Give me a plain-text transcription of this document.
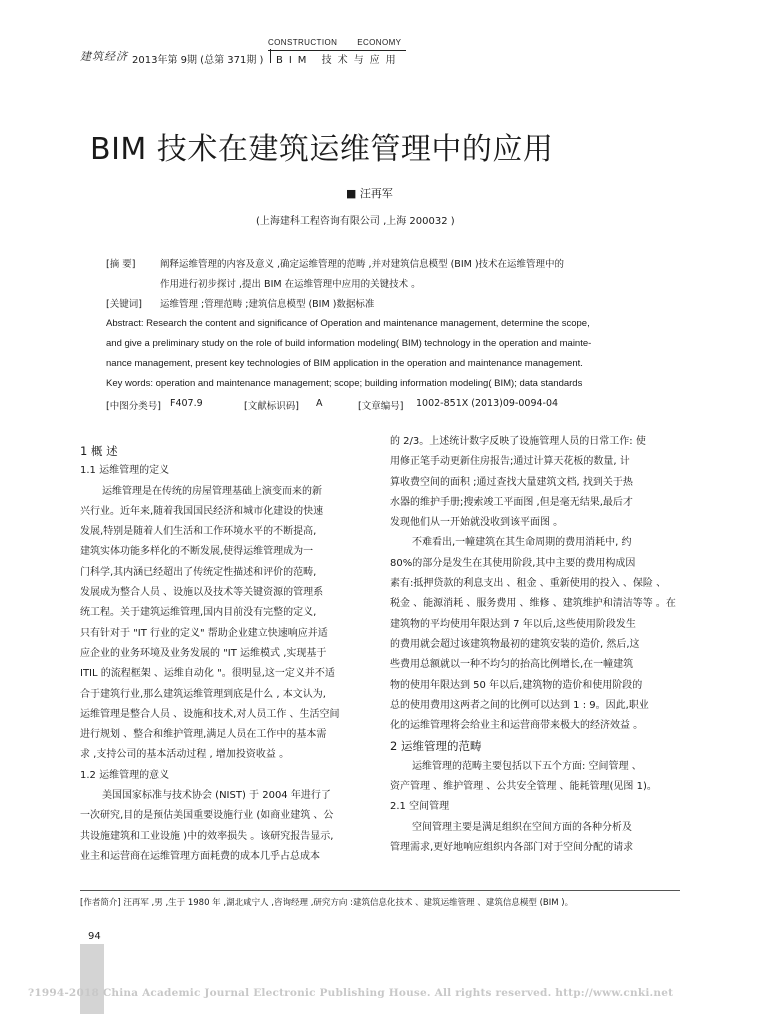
CONSTRUCTION	ECONOMY
建筑经济 2013年第 9期 (总第 371期 ) BIM 技术与应用
BIM 技术在建筑运维管理中的应用
■ 汪再军
(上海建科工程咨询有限公司 ,上海 200032 )
[摘 要]	阐释运维管理的内容及意义 ,确定运维管理的范畴 ,并对建筑信息模型 (BIM )技术在运维管理中的
作用进行初步探讨 ,提出 BIM 在运维管理中应用的关键技术 。
[关键词] 运维管理 ;管理范畴 ;建筑信息模型 (BIM )数据标准
Abstract: Research the content and significance of Operation and maintenance management, determine the scope,
and give a preliminary study on the role of build information modeling( BIM) technology in the operation and mainte-
nance management, present key technologies of BIM application in the operation and maintenance management.
Key words: operation and maintenance management; scope; building information modeling( BIM); data standards
[中图分类号] F407.9	[文献标识码] A	[文章编号] 1002-851X (2013)09-0094-04
1 概 述
1.1 运维管理的定义
运维管理是在传统的房屋管理基础上演变而来的新
兴行业。近年来,随着我国国民经济和城市化建设的快速
发展,特别是随着人们生活和工作环境水平的不断提高,
建筑实体功能多样化的不断发展,使得运维管理成为一
门科学,其内涵已经超出了传统定性描述和评价的范畴,
发展成为整合人员 、设施以及技术等关键资源的管理系
统工程。关于建筑运维管理,国内目前没有完整的定义,
只有针对于 "IT 行业的定义" 帮助企业建立快速响应并适
应企业的业务环境及业务发展的 "IT 运维模式 ,实现基于
ITIL 的流程框架 、运维自动化 "。很明显,这一定义并不适
合于建筑行业,那么建筑运维管理到底是什么 , 本文认为,
运维管理是整合人员 、设施和技术,对人员工作 、生活空间
进行规划 、整合和维护管理,满足人员在工作中的基本需
求 ,支持公司的基本活动过程 , 增加投资收益 。
1.2 运维管理的意义
美国国家标准与技术协会 (NIST) 于 2004 年进行了
一次研究,目的是预估美国重要设施行业 (如商业建筑 、公
共设施建筑和工业设施 )中的效率损失 。该研究报告显示,
业主和运营商在运维管理方面耗费的成本几乎占总成本
的 2/3。上述统计数字反映了设施管理人员的日常工作: 使
用修正笔手动更新住房报告;通过计算天花板的数量, 计
算收费空间的面积 ;通过查找大量建筑文档, 找到关于热
水器的维护手册;搜索竣工平面图 ,但是毫无结果,最后才
发现他们从一开始就没收到该平面图 。
不难看出,一幢建筑在其生命周期的费用消耗中, 约
80%的部分是发生在其使用阶段,其中主要的费用构成因
素有:抵押贷款的利息支出 、租金 、重新使用的投入 、保险 、
税金 、能源消耗 、服务费用 、维修 、建筑维护和清洁等等 。在
建筑物的平均使用年限达到 7 年以后,这些使用阶段发生
的费用就会超过该建筑物最初的建筑安装的造价, 然后,这
些费用总额就以一种不均匀的抬高比例增长,在一幢建筑
物的使用年限达到 50 年以后,建筑物的造价和使用阶段的
总的使用费用这两者之间的比例可以达到 1 : 9。因此,职业
化的运维管理将会给业主和运营商带来极大的经济效益 。
2 运维管理的范畴
运维管理的范畴主要包括以下五个方面: 空间管理 、
资产管理 、维护管理 、公共安全管理 、能耗管理(见图 1)。
2.1 空间管理
空间管理主要是满足组织在空间方面的各种分析及
管理需求,更好地响应组织内各部门对于空间分配的请求
[作者简介] 汪再军 ,男 ,生于 1980 年 ,湖北咸宁人 ,咨询经理 ,研究方向 :建筑信息化技术 、建筑运维管理 、建筑信息模型 (BIM )。
94
?1994-2018 China Academic Journal Electronic Publishing House. All rights reserved. http://www.cnki.net
